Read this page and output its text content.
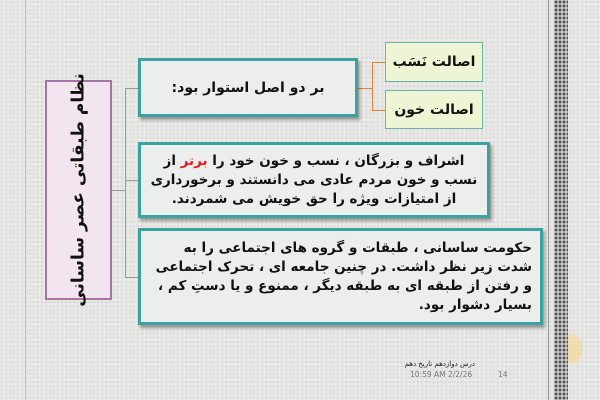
نظام طبقاتی عصر ساسانی	بر دو اصل استوار بود:
اصالت نَسَب
اصالت خون
اشراف و بزرگان ، نسب و خون خود را برتر از نسب و خون مردم عادی می دانستند و برخورداری از امتیازات ویژه را حق خویش می شمردند.
حکومت ساسانی ، طبقات و گروه های اجتماعی را به شدت زیر نظر داشت. در چنین جامعه ای ، تحرک اجتماعی و رفتن از طبقه ای به طبقه دیگر ، ممنوع و یا دستِ کم ، بسیار دشوار بود.
درس دوازدهم تاریخ دهم
10:59 AM 2/2/26	14
